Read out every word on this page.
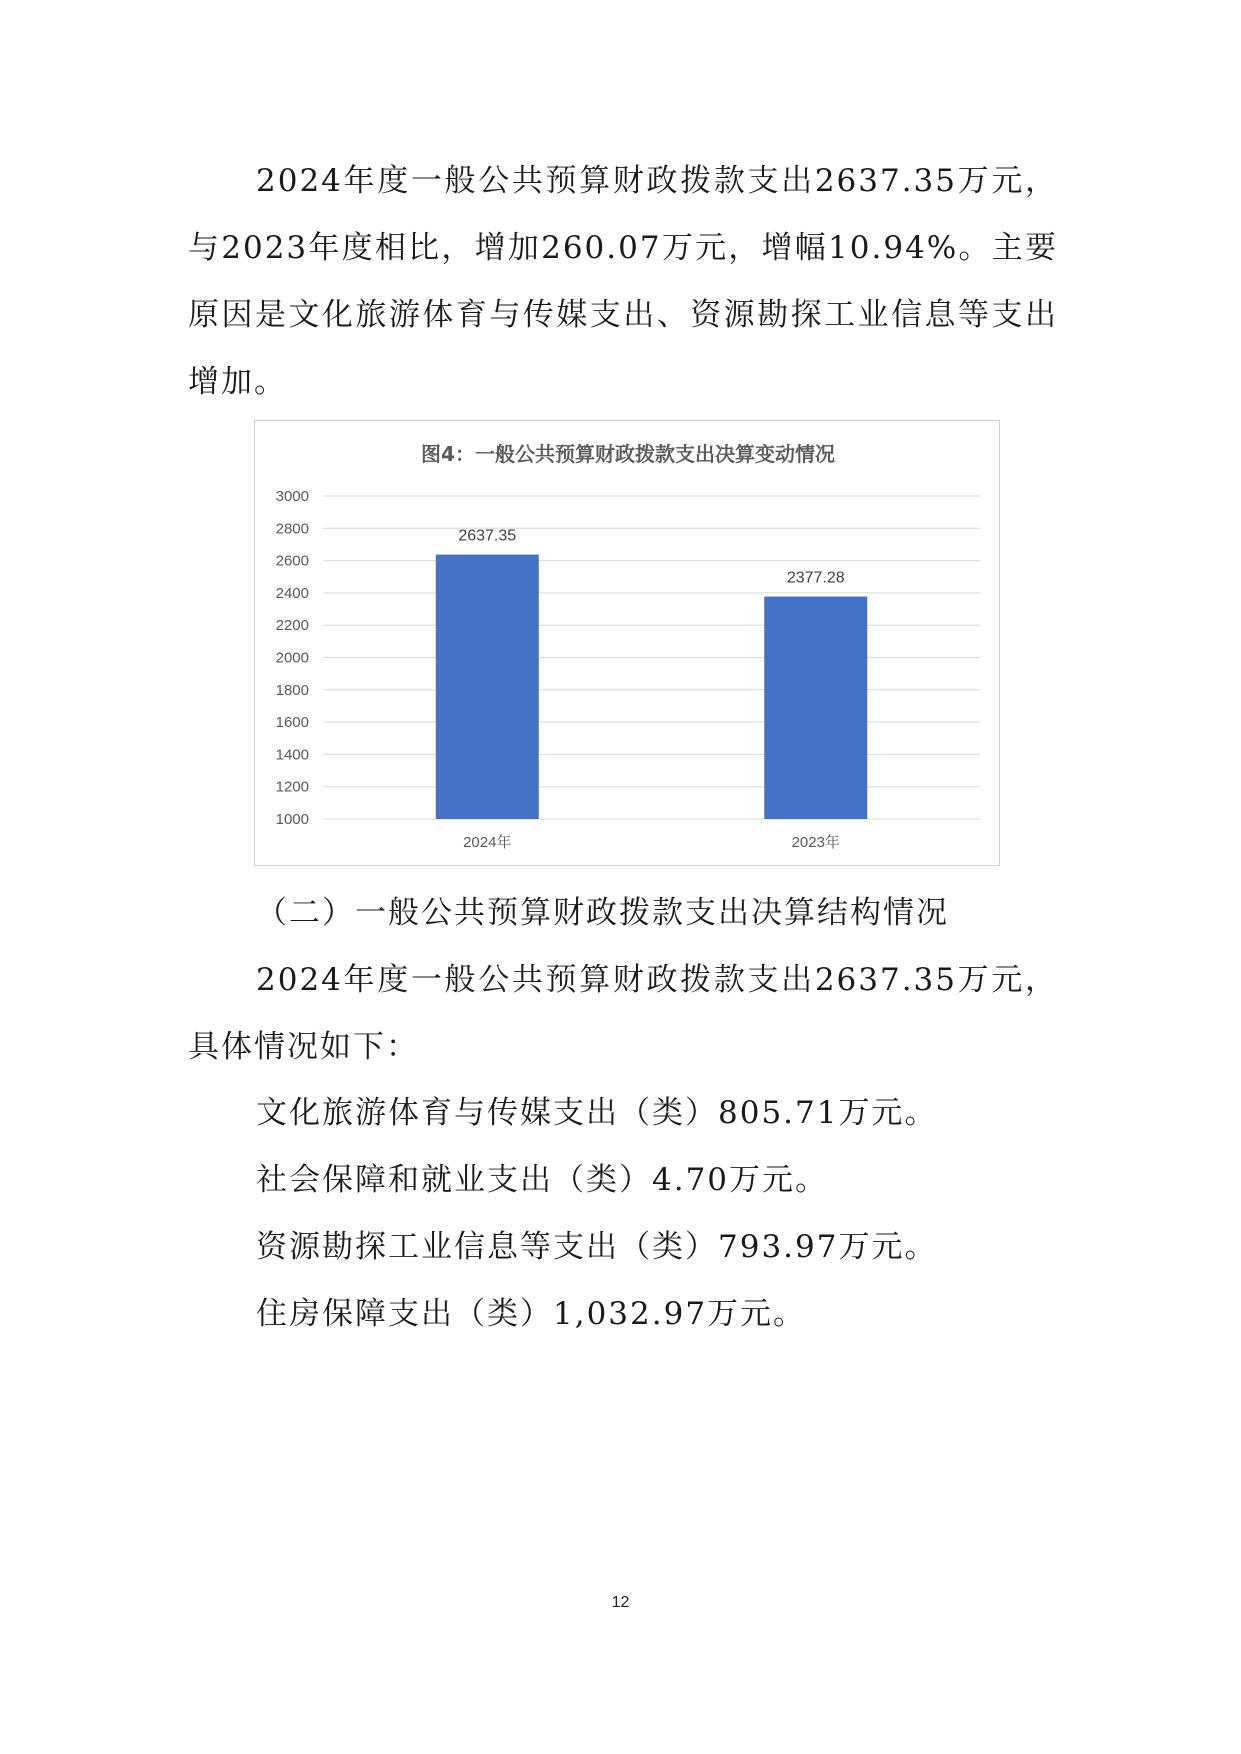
2024年度一般公共预算财政拨款支出2637.35万元，与2023年度相比，增加260.07万元，增幅10.94%。主要原因是文化旅游体育与传媒支出、资源勘探工业信息等支出增加。

图4：一般公共预算财政拨款支出决算变动情况
1000
1200
1400
1600
1800
2000
2200
2400
2600
2800
3000
2637.35
2377.28
2024年	2023年

（二）一般公共预算财政拨款支出决算结构情况

2024年度一般公共预算财政拨款支出2637.35万元，具体情况如下：

文化旅游体育与传媒支出（类）805.71万元。

社会保障和就业支出（类）4.70万元。

资源勘探工业信息等支出（类）793.97万元。

住房保障支出（类）1,032.97万元。

12
